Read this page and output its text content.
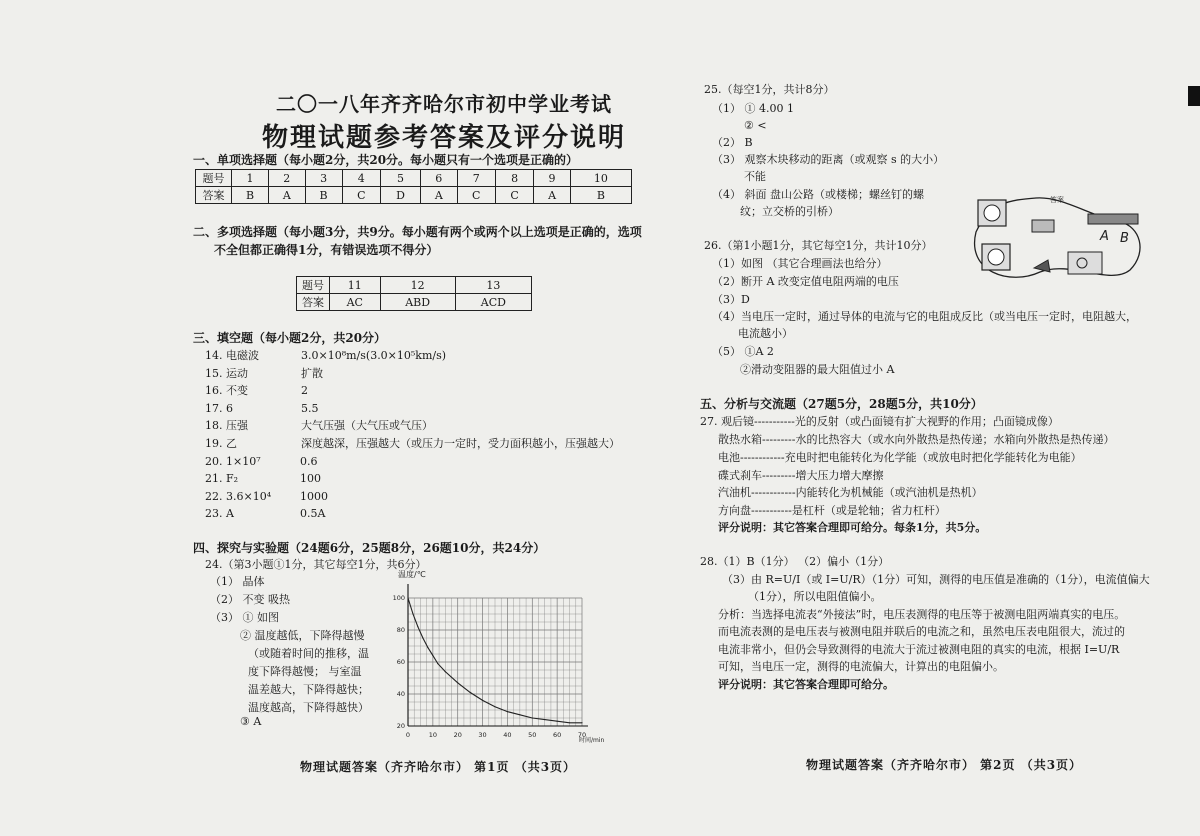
二〇一八年齐齐哈尔市初中学业考试
物理试题参考答案及评分说明
一、单项选择题（每小题2分，共20分。每小题只有一个选项是正确的）
题号	1	2	3	4	5	6	7	8	9	10
答案	B	A	B	C	D	A	C	C	A	B
二、多项选择题（每小题3分，共9分。每小题有两个或两个以上选项是正确的，选项
不全但都正确得1分，有错误选项不得分）
题号	11	12	13
答案	AC	ABD	ACD
三、填空题（每小题2分，共20分）
14. 电磁波	3.0×10⁸m/s(3.0×10⁵km/s)
15. 运动	扩散
16. 不变	2
17. 6	5.5
18. 压强	大气压强（大气压或气压）
19. 乙	深度越深，压强越大（或压力一定时，受力面积越小，压强越大）
20. 1×10⁷	0.6
21. F₂	100
22. 3.6×10⁴	1000
23. A	0.5A
四、探究与实验题（24题6分，25题8分，26题10分，共24分）
24.（第3小题①1分，其它每空1分，共6分）
（1） 晶体
（2） 不变 吸热
（3） ① 如图
② 温度越低，下降得越慢
（或随着时间的推移，温
度下降得越慢； 与室温
温差越大，下降得越快；
温度越高，下降得越快）
③ A
0	10	20	30	40	50	60	70
20
40
60
80
100
温度/℃
时间/min
物理试题答案（齐齐哈尔市） 第1页 （共3页）
25.（每空1分，共计8分）
（1） ① 4.00 1
② <
（2） B
（3） 观察木块移动的距离（或观察 s 的大小）
不能
（4） 斜面 盘山公路（或楼梯；螺丝钉的螺
纹；立交桥的引桥）
A B
答案
26.（第1小题1分，其它每空1分，共计10分）
（1）如图 （其它合理画法也给分）
（2）断开 A 改变定值电阻两端的电压
（3）D
（4）当电压一定时，通过导体的电流与它的电阻成反比（或当电压一定时，电阻越大，
电流越小）
（5） ①A 2
②滑动变阻器的最大阻值过小 A
五、分析与交流题（27题5分，28题5分，共10分）
27. 观后镜-----------光的反射（或凸面镜有扩大视野的作用；凸面镜成像）
散热水箱---------水的比热容大（或水向外散热是热传递；水箱向外散热是热传递）
电池------------充电时把电能转化为化学能（或放电时把化学能转化为电能）
碟式刹车---------增大压力增大摩擦
汽油机------------内能转化为机械能（或汽油机是热机）
方向盘-----------是杠杆（或是轮轴；省力杠杆）
评分说明：其它答案合理即可给分。每条1分，共5分。
28.（1）B（1分） （2）偏小（1分）
（3）由 R=U/I（或 I=U/R）（1分）可知，测得的电压值是准确的（1分），电流值偏大
（1分），所以电阻值偏小。
分析：当选择电流表“外接法”时，电压表测得的电压等于被测电阻两端真实的电压。
而电流表测的是电压表与被测电阻并联后的电流之和，虽然电压表电阻很大，流过的
电流非常小，但仍会导致测得的电流大于流过被测电阻的真实的电流，根据 I=U/R
可知，当电压一定，测得的电流偏大，计算出的电阻偏小。
评分说明：其它答案合理即可给分。
物理试题答案（齐齐哈尔市） 第2页 （共3页）
